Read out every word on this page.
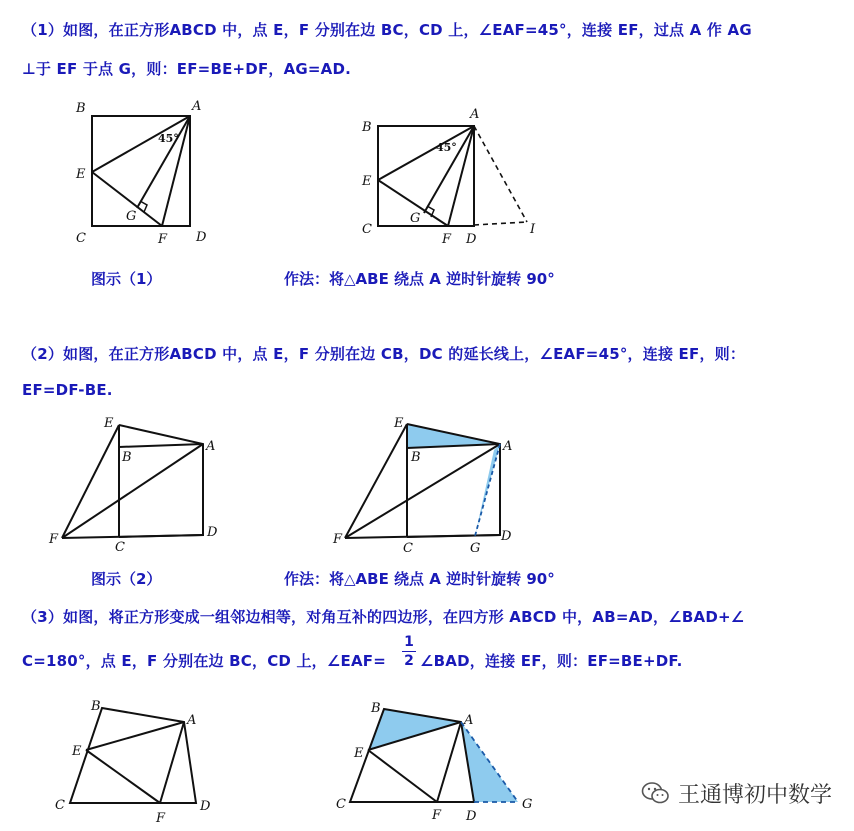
（1）如图，在正方形ABCD 中，点 E，F 分别在边 BC，CD 上，∠EAF=45°，连接 EF，过点 A 作 AG
⊥于 EF 于点 G，则：EF=BE+DF，AG=AD.
（2）如图，在正方形ABCD 中，点 E，F 分别在边 CB，DC 的延长线上，∠EAF=45°，连接 EF，则：
EF=DF-BE.
（3）如图，将正方形变成一组邻边相等，对角互补的四边形，在四方形 ABCD 中，AB=AD，∠BAD+∠
C=180°，点 E，F 分别在边 BC，CD 上，∠EAF=
1
2 ∠BAD，连接 EF，则：EF=BE+DF.
图示（1）	作法：将△ABE 绕点 A 逆时针旋转 90°
图示（2）	作法：将△ABE 绕点 A 逆时针旋转 90°
B	A
E
G
C	F D
45°
B
A
E
G
C
F D
I
45°
E
B
A
F
C
D
E
B
A
F
C	G
D
B
A
E
C
F
D
B
A
E
C
F D
G	王通博初中数学
